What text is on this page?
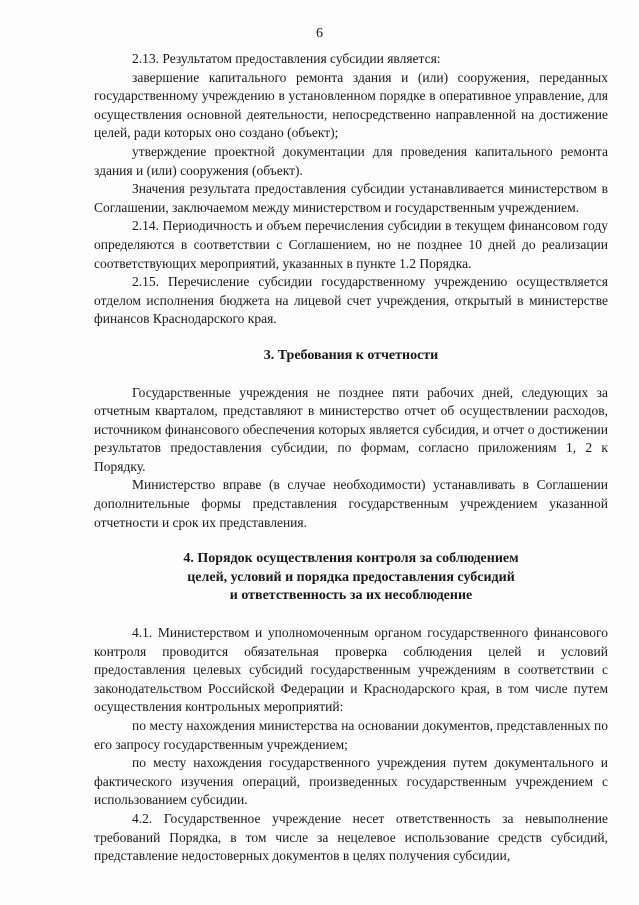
6

2.13. Результатом предоставления субсидии является:

завершение капитального ремонта здания и (или) сооружения, переданных государственному учреждению в установленном порядке в оперативное управление, для осуществления основной деятельности, непосредственно направленной на достижение целей, ради которых оно создано (объект);

утверждение проектной документации для проведения капитального ремонта здания и (или) сооружения (объект).

Значения результата предоставления субсидии устанавливается министерством в Соглашении, заключаемом между министерством и государственным учреждением.

2.14. Периодичность и объем перечисления субсидии в текущем финансовом году определяются в соответствии с Соглашением, но не позднее 10 дней до реализации соответствующих мероприятий, указанных в пункте 1.2 Порядка.

2.15. Перечисление субсидии государственному учреждению осуществляется отделом исполнения бюджета на лицевой счет учреждения, открытый в министерстве финансов Краснодарского края.

3. Требования к отчетности

Государственные учреждения не позднее пяти рабочих дней, следующих за отчетным кварталом, представляют в министерство отчет об осуществлении расходов, источником финансового обеспечения которых является субсидия, и отчет о достижении результатов предоставления субсидии, по формам, согласно приложениям 1, 2 к Порядку.

Министерство вправе (в случае необходимости) устанавливать в Соглашении дополнительные формы представления государственным учреждением указанной отчетности и срок их представления.

4. Порядок осуществления контроля за соблюдением
целей, условий и порядка предоставления субсидий
и ответственность за их несоблюдение

4.1. Министерством и уполномоченным органом государственного финансового контроля проводится обязательная проверка соблюдения целей и условий предоставления целевых субсидий государственным учреждениям в соответствии с законодательством Российской Федерации и Краснодарского края, в том числе путем осуществления контрольных мероприятий:

по месту нахождения министерства на основании документов, представленных по его запросу государственным учреждением;

по месту нахождения государственного учреждения путем документального и фактического изучения операций, произведенных государственным учреждением с использованием субсидии.

4.2. Государственное учреждение несет ответственность за невыполнение требований Порядка, в том числе за нецелевое использование средств субсидий, представление недостоверных документов в целях получения субсидии,
